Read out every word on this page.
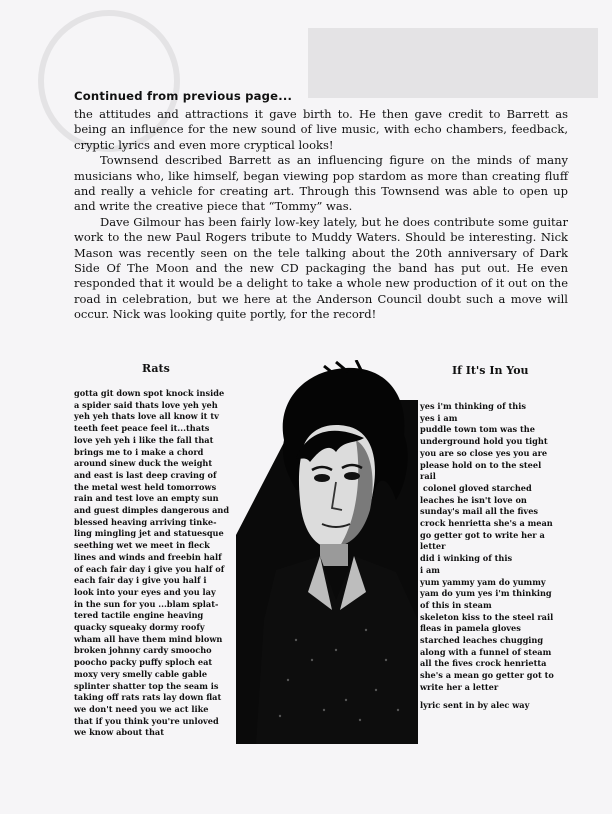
Continued from previous page...

the attitudes and attractions it gave birth to. He then gave credit to Barrett as being an influence for the new sound of live music, with echo chambers, feedback, cryptic lyrics and even more cryptical looks!

Townsend described Barrett as an influencing figure on the minds of many musicians who, like himself, began viewing pop stardom as more than creating fluff and really a vehicle for creating art. Through this Townsend was able to open up and write the creative piece that “Tommy” was.

Dave Gilmour has been fairly low-key lately, but he does contribute some guitar work to the new Paul Rogers tribute to Muddy Waters. Should be interesting. Nick Mason was recently seen on the tele talking about the 20th anniversary of Dark Side Of The Moon and the new CD packaging the band has put out. He even responded that it would be a delight to take a whole new production of it out on the road in celebration, but we here at the Anderson Council doubt such a move will occur. Nick was looking quite portly, for the record!

Rats
gotta git down spot knock inside
a spider said thats love yeh yeh
yeh yeh thats love all know it tv
teeth feet peace feel it...thats
love yeh yeh i like the fall that
brings me to i make a chord
around sinew duck the weight
and east is last deep craving of
the metal west held tomorrows
rain and test love an empty sun
and guest dimples dangerous and
blessed heaving arriving tinke-
ling mingling jet and statuesque
seething wet we meet in fleck
lines and winds and freebin half
of each fair day i give you half of
each fair day i give you half i
look into your eyes and you lay
in the sun for you ...blam splat-
tered tactile engine heaving
quacky squeaky dormy roofy
wham all have them mind blown
broken johnny cardy smoocho
poocho packy puffy sploch eat
moxy very smelly cable gable
splinter shatter top the seam is
taking off rats rats lay down flat
we don't need you we act like
that if you think you're unloved
we know about that
If It's In You
yes i'm thinking of this
yes i am
puddle town tom was the
underground hold you tight
you are so close yes you are
please hold on to the steel
rail
colonel gloved starched
leaches he isn't love on
sunday's mail all the fives
crock henrietta she's a mean
go getter got to write her a
letter
did i winking of this
i am
yum yammy yam do yummy
yam do yum yes i'm thinking
of this in steam
skeleton kiss to the steel rail
fleas in pamela gloves
starched leaches chugging
along with a funnel of steam
all the fives crock henrietta
she's a mean go getter got to
write her a letter
lyric sent in by alec way
